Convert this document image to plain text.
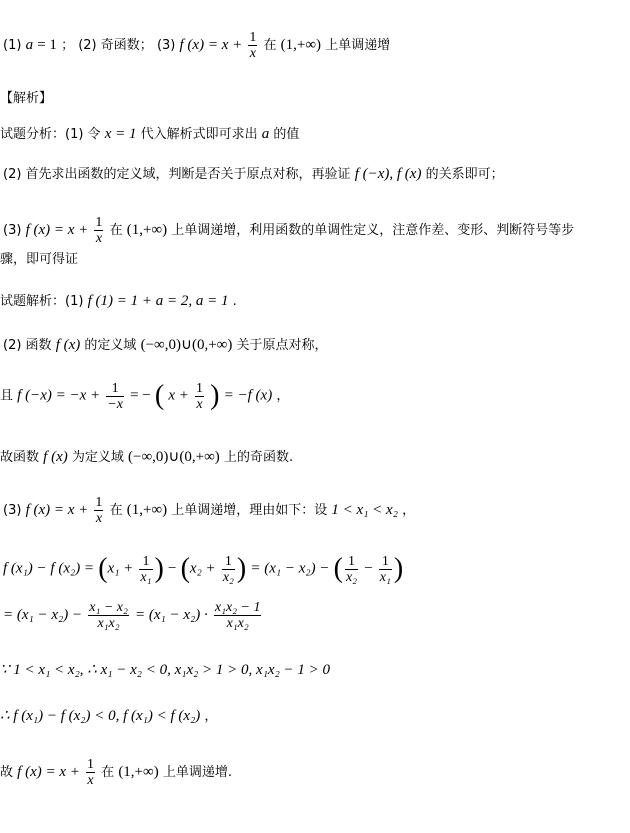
(1) a = 1 ； (2) 奇函数； (3) f $(x) = x + \frac{1}{x}$ 在 (1,+∞) 上单调递增
【解析】
试题分析：(1) 令 x = 1 代入解析式即可求出 a 的值
(2) 首先求出函数的定义域，判断是否关于原点对称，再验证 f (−x), f (x) 的关系即可；
(3) f $(x) = x + \frac{1}{x}$ 在 (1,+∞) 上单调递增，利用函数的单调性定义，注意作差、变形、判断符号等步
骤，即可得证
试题解析：(1) f (1) = 1 + a = 2, a = 1 .
(2) 函数 f (x) 的定义域 (−∞,0)∪(0,+∞) 关于原点对称，
且 f $(-x) = -x + \frac{1}{-x}$ = − ( $x + \frac{1}{x}$ ) = −f (x) ，
故函数 f (x) 为定义域 (−∞,0)∪(0,+∞) 上的奇函数.
(3) f $(x) = x + \frac{1}{x}$ 在 (1,+∞) 上单调递增，理由如下：设 1 < x₁ < x₂ ，
f (x₁) − f $(x_2) = (x_1 + \frac{1}{\text{x₁}}$ ) − ($x_2 + \frac{1}{\text{x₂}}$ ) = (x₁ − x₂) − ( $\frac{1}{\text{x₂}} - \frac{1}{\text{x₁}}$ )
= $(x_1 - x_2) - \frac{\text{x₁ − x₂}}{\text{x₁x₂}} = (x_1 - x_2) \cdot \frac{\text{x₁x₂ − 1}}{\text{x₁x₂}}$
∵ 1 < x₁ < x₂, ∴ x₁ − x₂ < 0, x₁x₂ > 1 > 0, x₁x₂ − 1 > 0
∴ f (x₁) − f (x₂) < 0, f (x₁) < f (x₂) ，
故 f $(x) = x + \frac{1}{x}$ 在 (1,+∞) 上单调递增.
